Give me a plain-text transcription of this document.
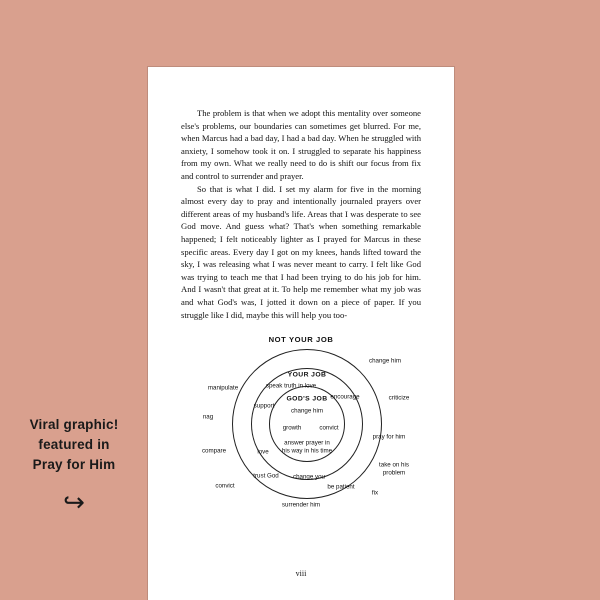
Viral graphic!
featured in
Pray for Him
↪

The problem is that when we adopt this mentality over someone else's problems, our boundaries can sometimes get blurred. For me, when Marcus had a bad day, I had a bad day. When he struggled with anxiety, I somehow took it on. I struggled to separate his happiness from my own. What we really need to do is shift our focus from fix and control to surrender and prayer.

So that is what I did. I set my alarm for five in the morning almost every day to pray and intentionally journaled prayers over different areas of my husband's life. Areas that I was desperate to see God move. And guess what? That's when something remarkable happened; I felt noticeably lighter as I prayed for Marcus in these specific areas. Every day I got on my knees, hands lifted toward the sky, I was releasing what I was never meant to carry. I felt like God was trying to teach me that I had been trying to do his job for him. And I wasn't that great at it. To help me remember what my job was and what God's was, I jotted it down on a piece of paper. If you struggle like I did, maybe this will help you too-

NOT YOUR JOB
YOUR JOB
GOD'S JOB
change him
manipulate
criticize
nag
compare
pray for him
take on his problem
convict
fix
surrender him
be patient
speak truth in love
encourage
support
love
trust God change you
change him
growth	convict
answer prayer in his way in his time
viii
